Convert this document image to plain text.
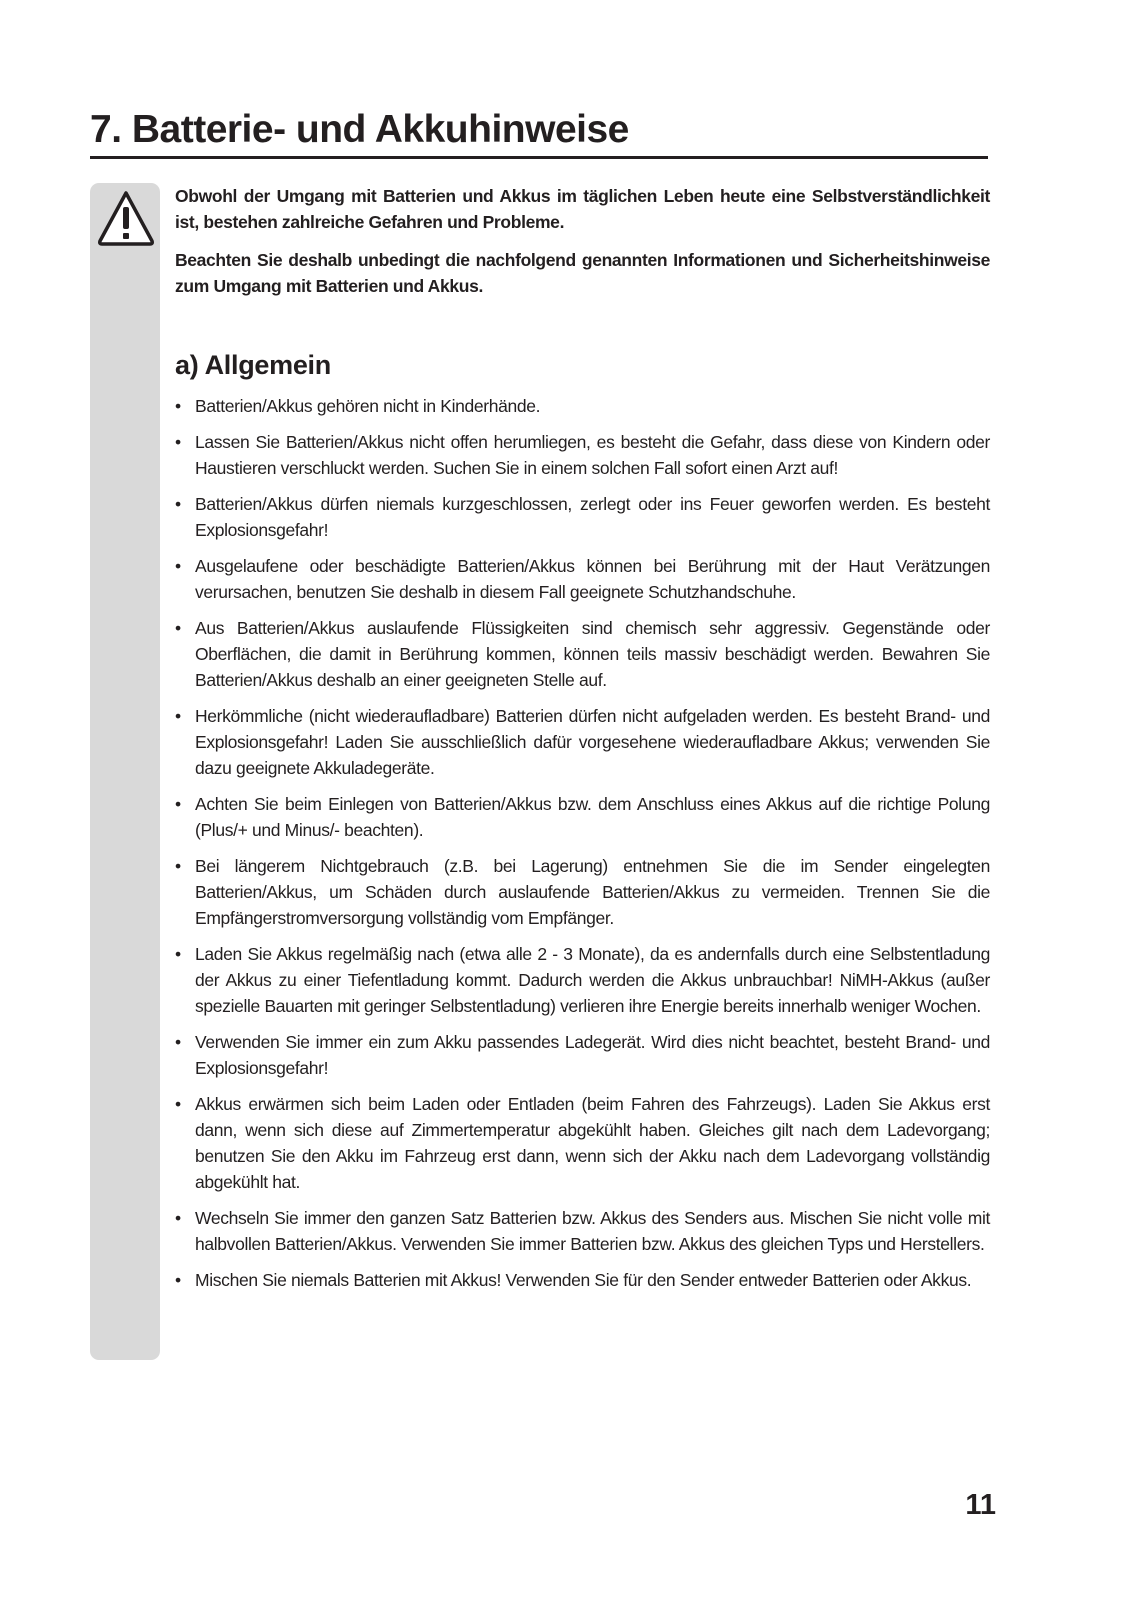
7. Batterie- und Akkuhinweise

Obwohl der Umgang mit Batterien und Akkus im täglichen Leben heute eine Selbstverständlichkeit ist, bestehen zahlreiche Gefahren und Probleme.

Beachten Sie deshalb unbedingt die nachfolgend genannten Informationen und Sicherheitshinweise zum Umgang mit Batterien und Akkus.

a) Allgemein
• Batterien/Akkus gehören nicht in Kinderhände.
• Lassen Sie Batterien/Akkus nicht offen herumliegen, es besteht die Gefahr, dass diese von Kindern oder Haustieren verschluckt werden. Suchen Sie in einem solchen Fall sofort einen Arzt auf!
• Batterien/Akkus dürfen niemals kurzgeschlossen, zerlegt oder ins Feuer geworfen werden. Es besteht Explosionsgefahr!
• Ausgelaufene oder beschädigte Batterien/Akkus können bei Berührung mit der Haut Verätzungen verursachen, benutzen Sie deshalb in diesem Fall geeignete Schutzhandschuhe.
• Aus Batterien/Akkus auslaufende Flüssigkeiten sind chemisch sehr aggressiv. Gegenstände oder Oberflächen, die damit in Berührung kommen, können teils massiv beschädigt werden. Bewahren Sie Batterien/Akkus deshalb an einer geeigneten Stelle auf.
• Herkömmliche (nicht wiederaufladbare) Batterien dürfen nicht aufgeladen werden. Es besteht Brand- und Explosionsgefahr! Laden Sie ausschließlich dafür vorgesehene wiederaufladbare Akkus; verwenden Sie dazu geeignete Akkuladegeräte.
• Achten Sie beim Einlegen von Batterien/Akkus bzw. dem Anschluss eines Akkus auf die richtige Polung (Plus/+ und Minus/- beachten).
• Bei längerem Nichtgebrauch (z.B. bei Lagerung) entnehmen Sie die im Sender eingelegten Batterien/Akkus, um Schäden durch auslaufende Batterien/Akkus zu vermeiden. Trennen Sie die Empfängerstromversorgung vollständig vom Empfänger.
• Laden Sie Akkus regelmäßig nach (etwa alle 2 - 3 Monate), da es andernfalls durch eine Selbstentladung der Akkus zu einer Tiefentladung kommt. Dadurch werden die Akkus unbrauchbar! NiMH-Akkus (außer spezielle Bauarten mit geringer Selbstentladung) verlieren ihre Energie bereits innerhalb weniger Wochen.
• Verwenden Sie immer ein zum Akku passendes Ladegerät. Wird dies nicht beachtet, besteht Brand- und Explosionsgefahr!
• Akkus erwärmen sich beim Laden oder Entladen (beim Fahren des Fahrzeugs). Laden Sie Akkus erst dann, wenn sich diese auf Zimmertemperatur abgekühlt haben. Gleiches gilt nach dem Ladevorgang; benutzen Sie den Akku im Fahrzeug erst dann, wenn sich der Akku nach dem Ladevorgang vollständig abgekühlt hat.
• Wechseln Sie immer den ganzen Satz Batterien bzw. Akkus des Senders aus. Mischen Sie nicht volle mit halbvollen Batterien/Akkus. Verwenden Sie immer Batterien bzw. Akkus des gleichen Typs und Herstellers.
• Mischen Sie niemals Batterien mit Akkus! Verwenden Sie für den Sender entweder Batterien oder Akkus.
11
